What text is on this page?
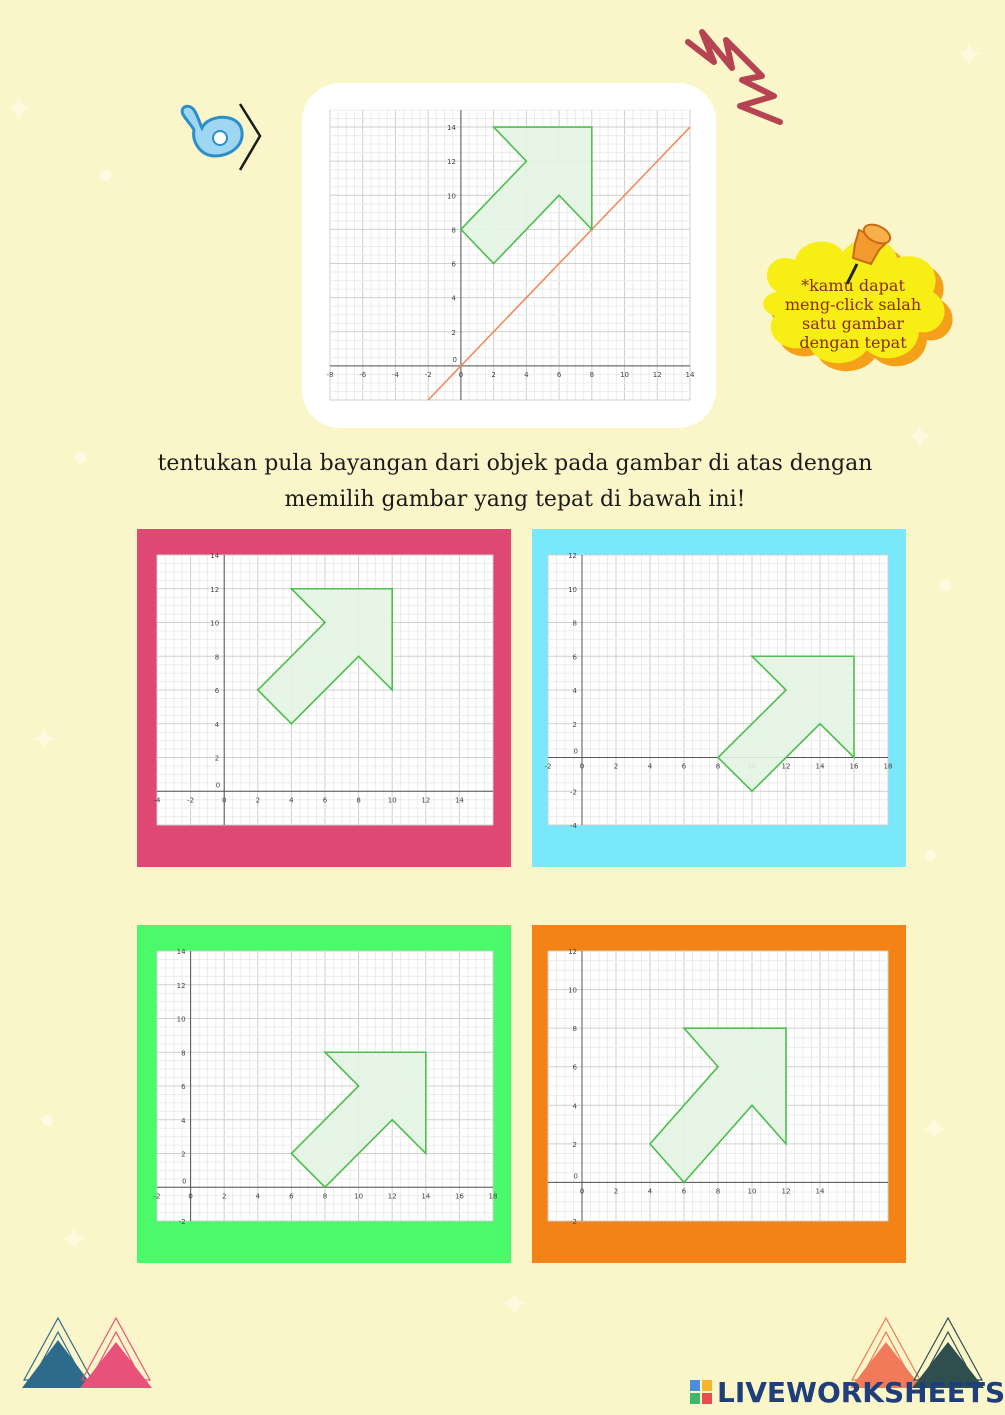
✦
✦
✦
✦
✦
✦
✦
-8	-6	-4	-2	0	2	4	6	8	10	12	14
0
2
4
6
8
10
12
14
*kamu dapat
meng-click salah
satu gambar
dengan tepat
tentukan pula bayangan dari objek pada gambar di atas dengan
memilih gambar yang tepat di bawah ini!
-4	-2	0	2	4	6	8	10	12	14
0
2
4
6
8
10
12
14
-2	0	2	4	6	8	12	14	16	18
0
-4
-2
2
4
6
8
10
12
-2	0	2	4	6	8	10	12	14	16	18
0
-2
2
4
6
8
10
12
14
0	2	4	6	8	10	12	14
0
-2
2
4
6
8
10
12
LIVEWORKSHEETS
